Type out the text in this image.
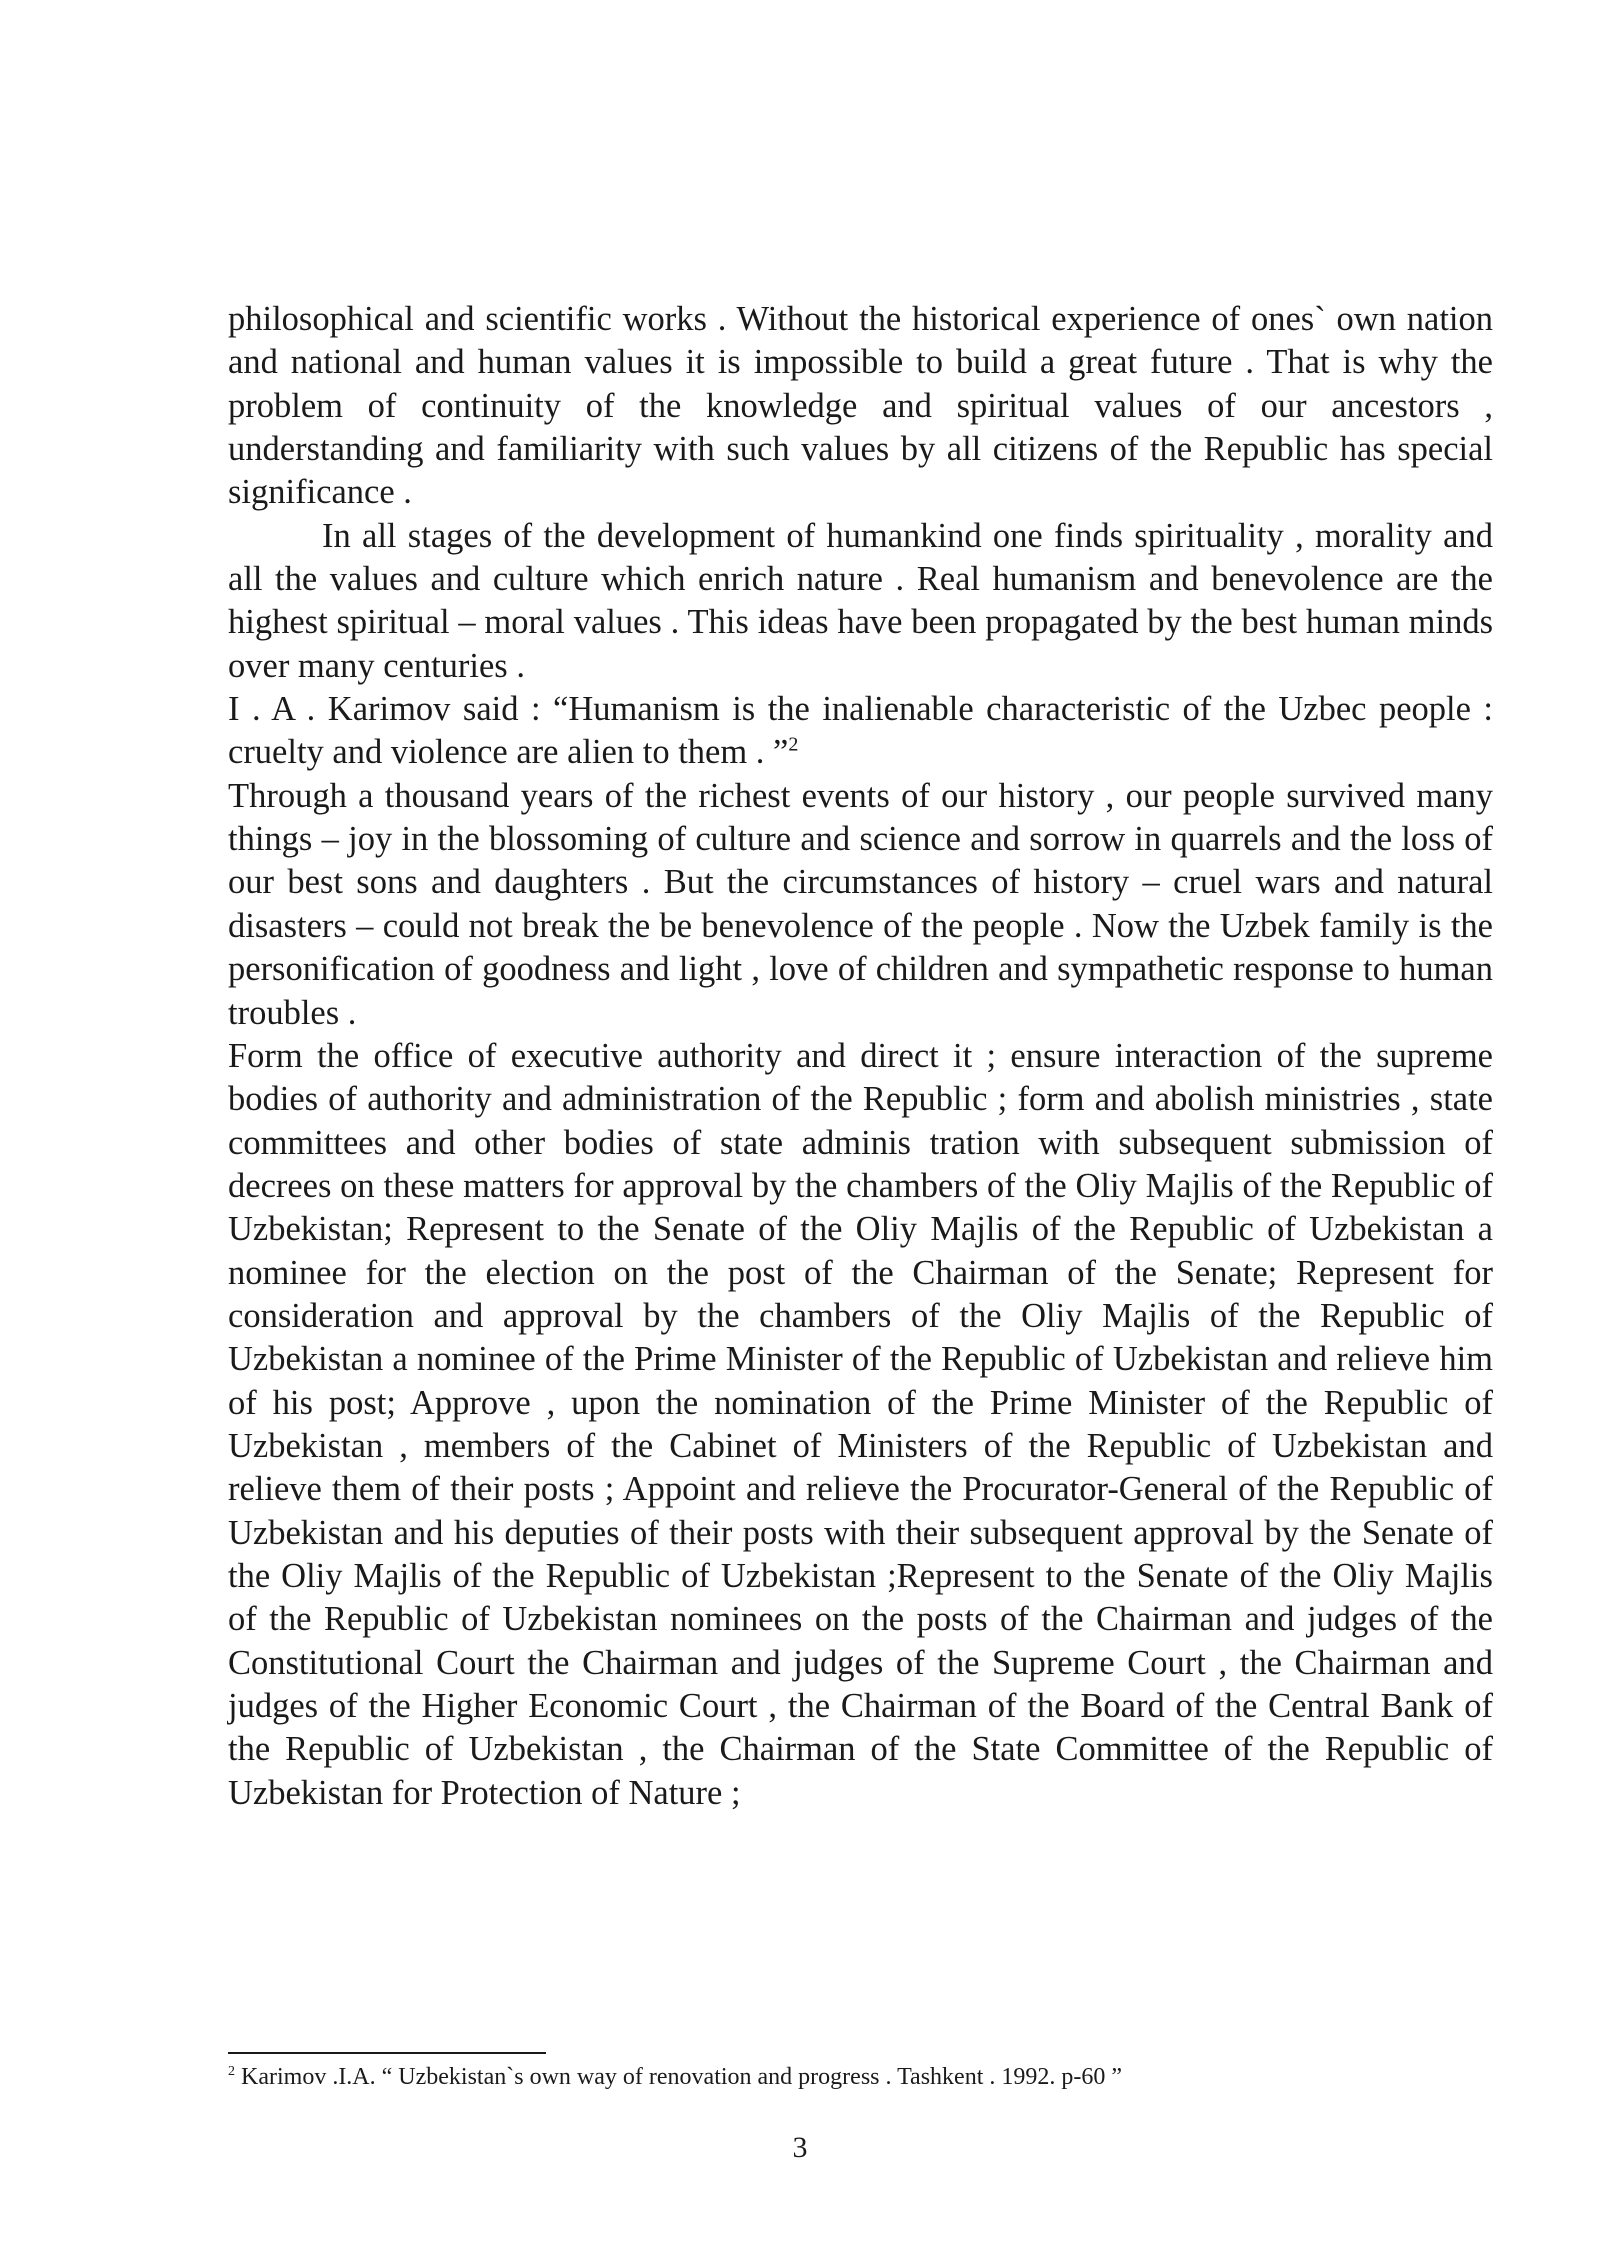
philosophical and scientific works . Without the historical experience of ones` own nation and national and human values it is impossible to build a great future . That is why the problem of continuity of the knowledge and spiritual values of our ancestors , understanding and familiarity with such values by all citizens of the Republic has special significance .

In all stages of the development of humankind one finds spirituality , morality and all the values and culture which enrich nature . Real humanism and benevolence are the highest spiritual – moral values . This ideas have been propagated by the best human minds over many centuries .

I . A . Karimov said : “Humanism is the inalienable characteristic of the Uzbec people : cruelty and violence are alien to them . ”$^2$

Through a thousand years of the richest events of our history , our people survived many things – joy in the blossoming of culture and science and sorrow in quarrels and the loss of our best sons and daughters . But the circumstances of history – cruel wars and natural disasters – could not break the be benevolence of the people . Now the Uzbek family is the personification of goodness and light , love of children and sympathetic response to human troubles .

Form the office of executive authority and direct it ; ensure interaction of the supreme bodies of authority and administration of the Republic ; form and abolish ministries , state committees and other bodies of state adminis tration with subsequent submission of decrees on these matters for approval by the chambers of the Oliy Majlis of the Republic of Uzbekistan; Represent to the Senate of the Oliy Majlis of the Republic of Uzbekistan a nominee for the election on the post of the Chairman of the Senate; Represent for consideration and approval by the chambers of the Oliy Majlis of the Republic of Uzbekistan a nominee of the Prime Minister of the Republic of Uzbekistan and relieve him of his post; Approve , upon the nomination of the Prime Minister of the Republic of Uzbekistan , members of the Cabinet of Ministers of the Republic of Uzbekistan and relieve them of their posts ; Appoint and relieve the Procurator-General of the Republic of Uzbekistan and his deputies of their posts with their subsequent approval by the Senate of the Oliy Majlis of the Republic of Uzbekistan ;Represent to the Senate of the Oliy Majlis of the Republic of Uzbekistan nominees on the posts of the Chairman and judges of the Constitutional Court the Chairman and judges of the Supreme Court , the Chairman and judges of the Higher Economic Court , the Chairman of the Board of the Central Bank of the Republic of Uzbekistan , the Chairman of the State Committee of the Republic of Uzbekistan for Protection of Nature ;

$^2$ Karimov .I.A. “ Uzbekistan`s own way of renovation and progress . Tashkent . 1992. p-60 ”

3
